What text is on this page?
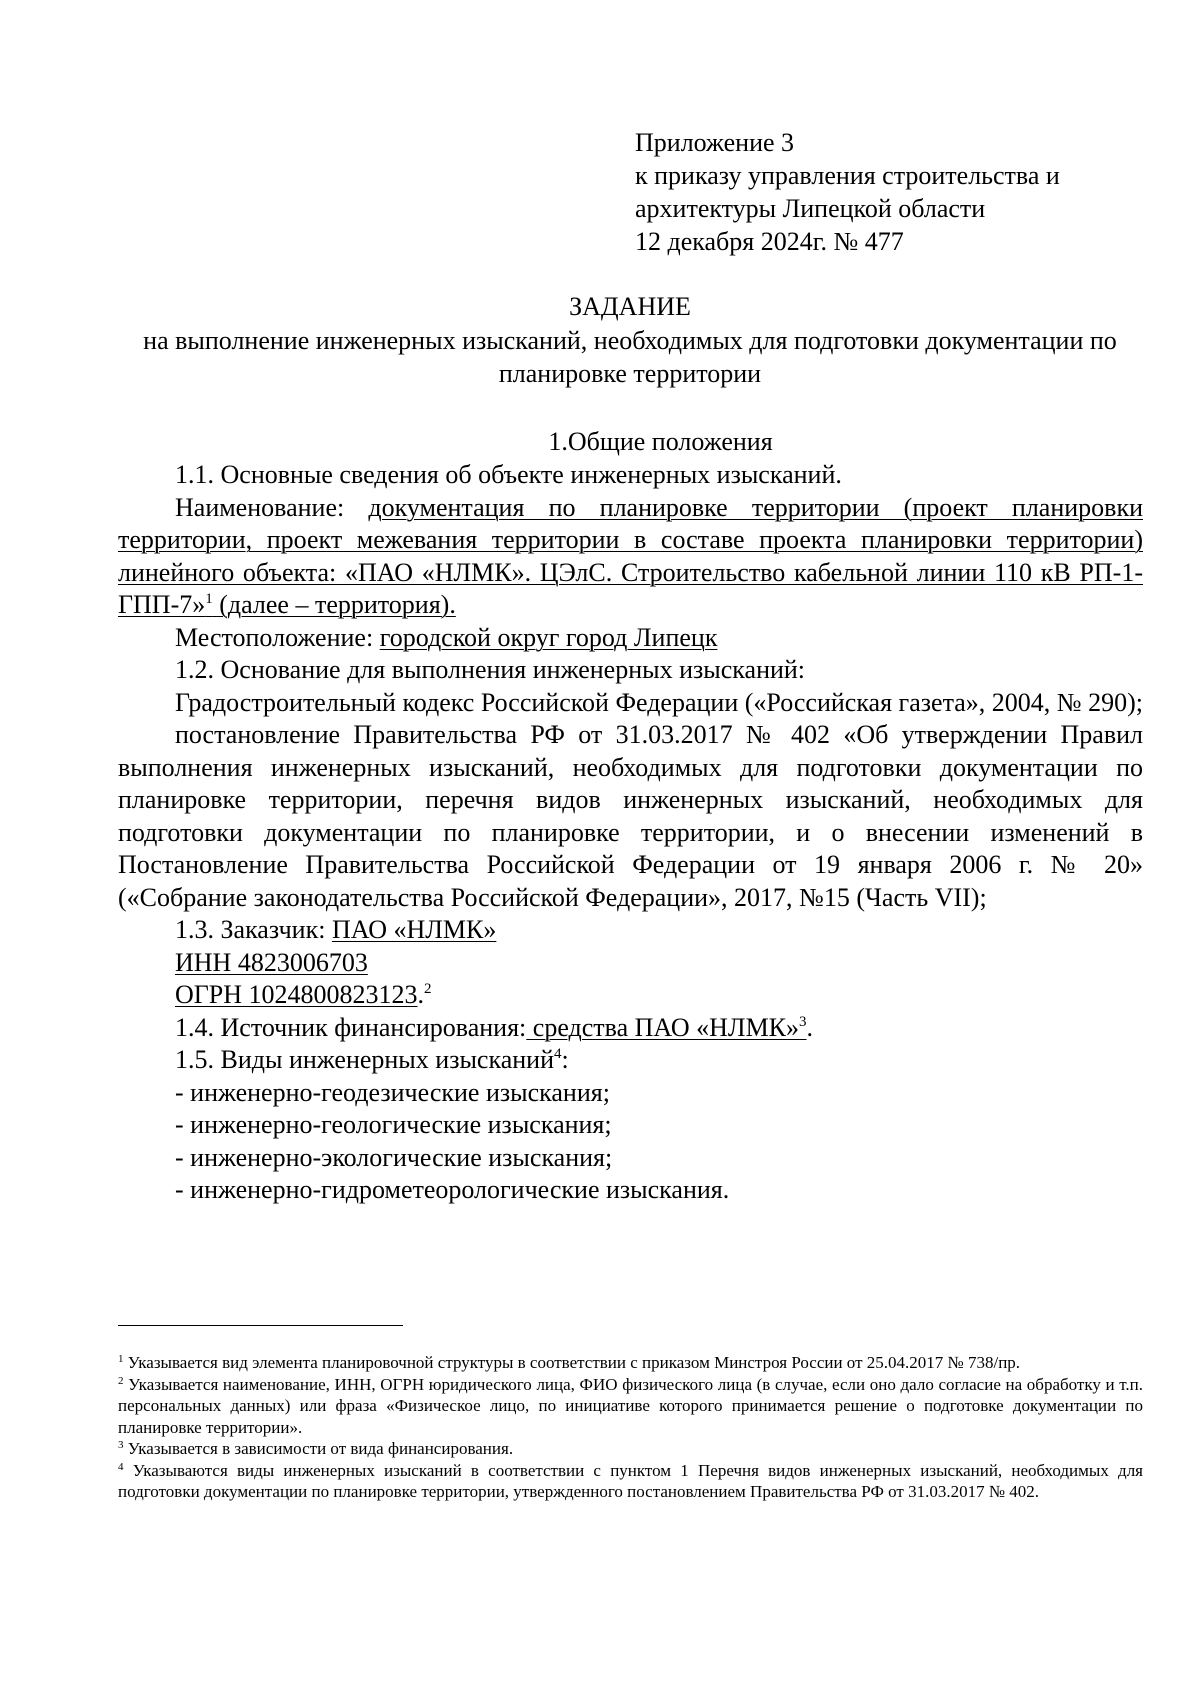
Приложение 3
к приказу управления строительства и
архитектуры Липецкой области
12 декабря 2024г. № 477
ЗАДАНИЕ
на выполнение инженерных изысканий, необходимых для подготовки документации по планировке территории
1.Общие положения

1.1. Основные сведения об объекте инженерных изысканий.

Наименование: документация по планировке территории (проект планировки территории, проект межевания территории в составе проекта планировки территории) линейного объекта: «ПАО «НЛМК». ЦЭлС. Строительство кабельной линии 110 кВ РП-1-ГПП-7»$^1$ (далее – территория).

Местоположение: городской округ город Липецк

1.2. Основание для выполнения инженерных изысканий:

Градостроительный кодекс Российской Федерации («Российская газета», 2004, № 290);

постановление Правительства РФ от 31.03.2017 № 402 «Об утверждении Правил выполнения инженерных изысканий, необходимых для подготовки документации по планировке территории, перечня видов инженерных изысканий, необходимых для подготовки документации по планировке территории, и о внесении изменений в Постановление Правительства Российской Федерации от 19 января 2006 г. № 20» («Собрание законодательства Российской Федерации», 2017, №15 (Часть VII);

1.3. Заказчик: ПАО «НЛМК»

ИНН 4823006703

ОГРН 1024800823123.$^2$

1.4. Источник финансирования: средства ПАО «НЛМК»$^3$.

1.5. Виды инженерных изысканий$^4$:

- инженерно-геодезические изыскания;

- инженерно-геологические изыскания;

- инженерно-экологические изыскания;

- инженерно-гидрометеорологические изыскания.

$^1$ Указывается вид элемента планировочной структуры в соответствии с приказом Минстроя России от 25.04.2017 № 738/пр.

$^2$ Указывается наименование, ИНН, ОГРН юридического лица, ФИО физического лица (в случае, если оно дало согласие на обработку и т.п. персональных данных) или фраза «Физическое лицо, по инициативе которого принимается решение о подготовке документации по планировке территории».

$^3$ Указывается в зависимости от вида финансирования.

$^4$ Указываются виды инженерных изысканий в соответствии с пунктом 1 Перечня видов инженерных изысканий, необходимых для подготовки документации по планировке территории, утвержденного постановлением Правительства РФ от 31.03.2017 № 402.
